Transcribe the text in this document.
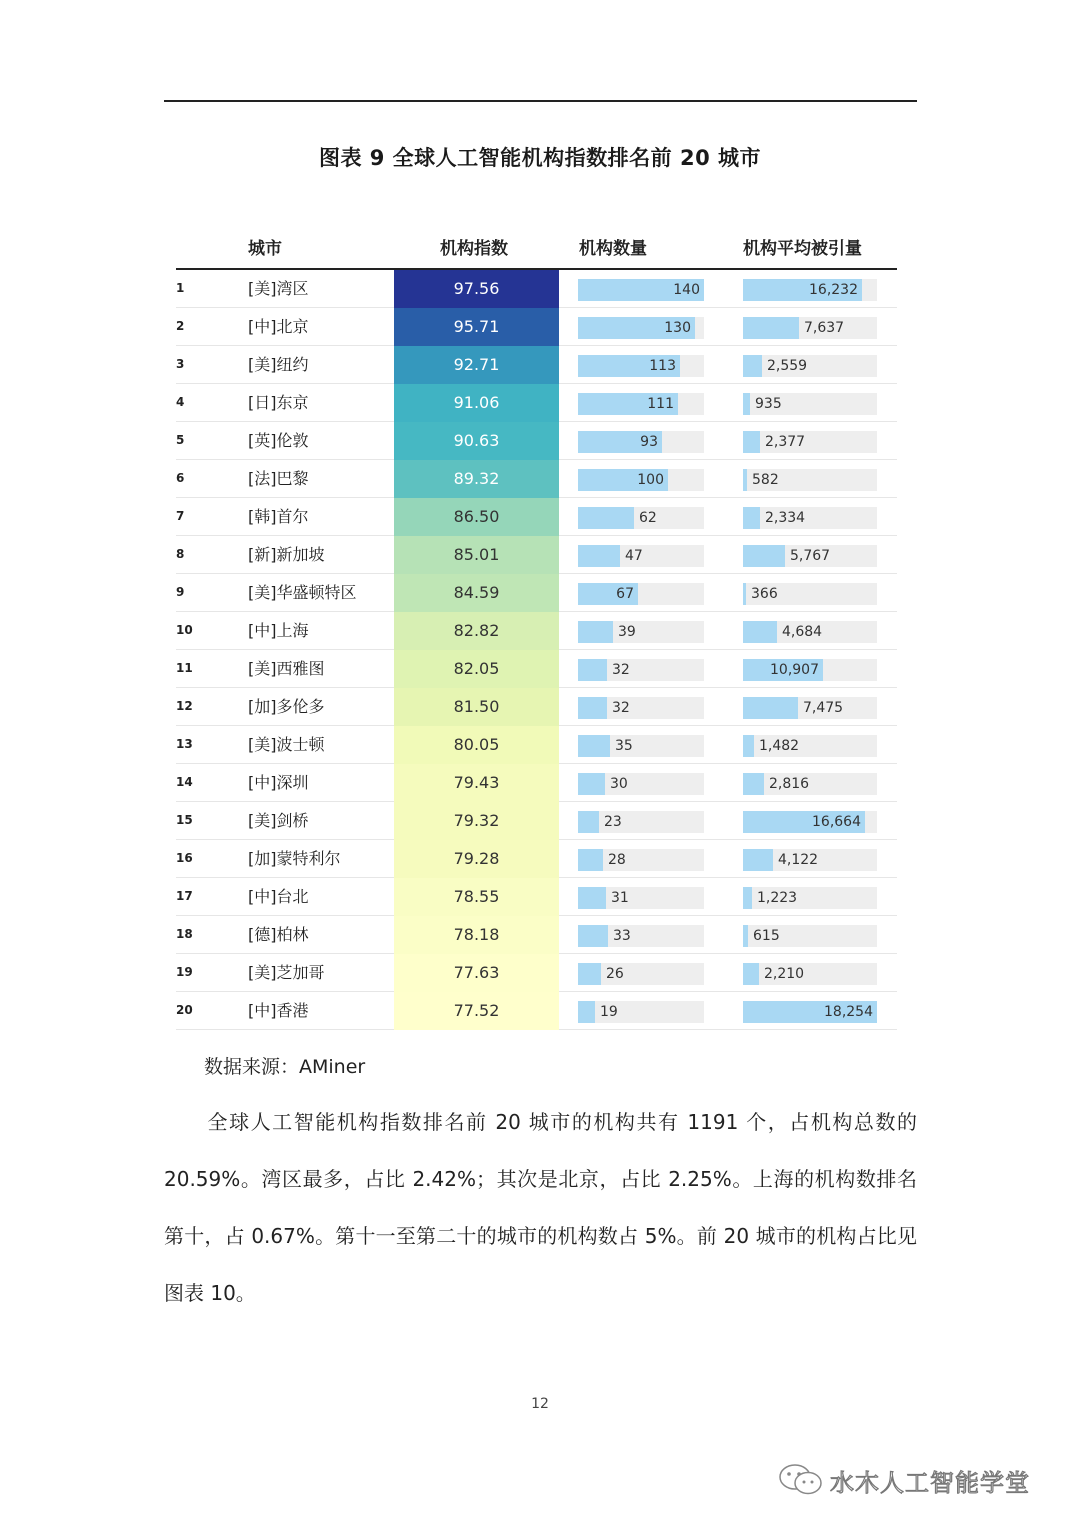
图表 9 全球人工智能机构指数排名前 20 城市
城市	机构指数	机构数量	机构平均被引量
1	[美]湾区	97.56	140	16,232
2	[中]北京	95.71	130	7,637
3	[美]纽约	92.71	113	2,559
4	[日]东京	91.06	111	935
5	[英]伦敦	90.63	93	2,377
6	[法]巴黎	89.32	100	582
7	[韩]首尔	86.50	62	2,334
8	[新]新加坡	85.01	47	5,767
9	[美]华盛顿特区	84.59	67	366
10	[中]上海	82.82	39	4,684
11	[美]西雅图	82.05	32	10,907
12	[加]多伦多	81.50	32	7,475
13	[美]波士顿	80.05	35	1,482
14	[中]深圳	79.43	30	2,816
15	[美]剑桥	79.32	23	16,664
16	[加]蒙特利尔	79.28	28	4,122
17	[中]台北	78.55	31	1,223
18	[德]柏林	78.18	33	615
19	[美]芝加哥	77.63	26	2,210
20	[中]香港	77.52	19	18,254
数据来源：AMiner
全球人工智能机构指数排名前 20 城市的机构共有 1191 个，占机构总数的 20.59%。湾区最多，占比 2.42%；其次是北京，占比 2.25%。上海的机构数排名第十，占 0.67%。第十一至第二十的城市的机构数占 5%。前 20 城市的机构占比见图表 10。
12
水木人工智能学堂
